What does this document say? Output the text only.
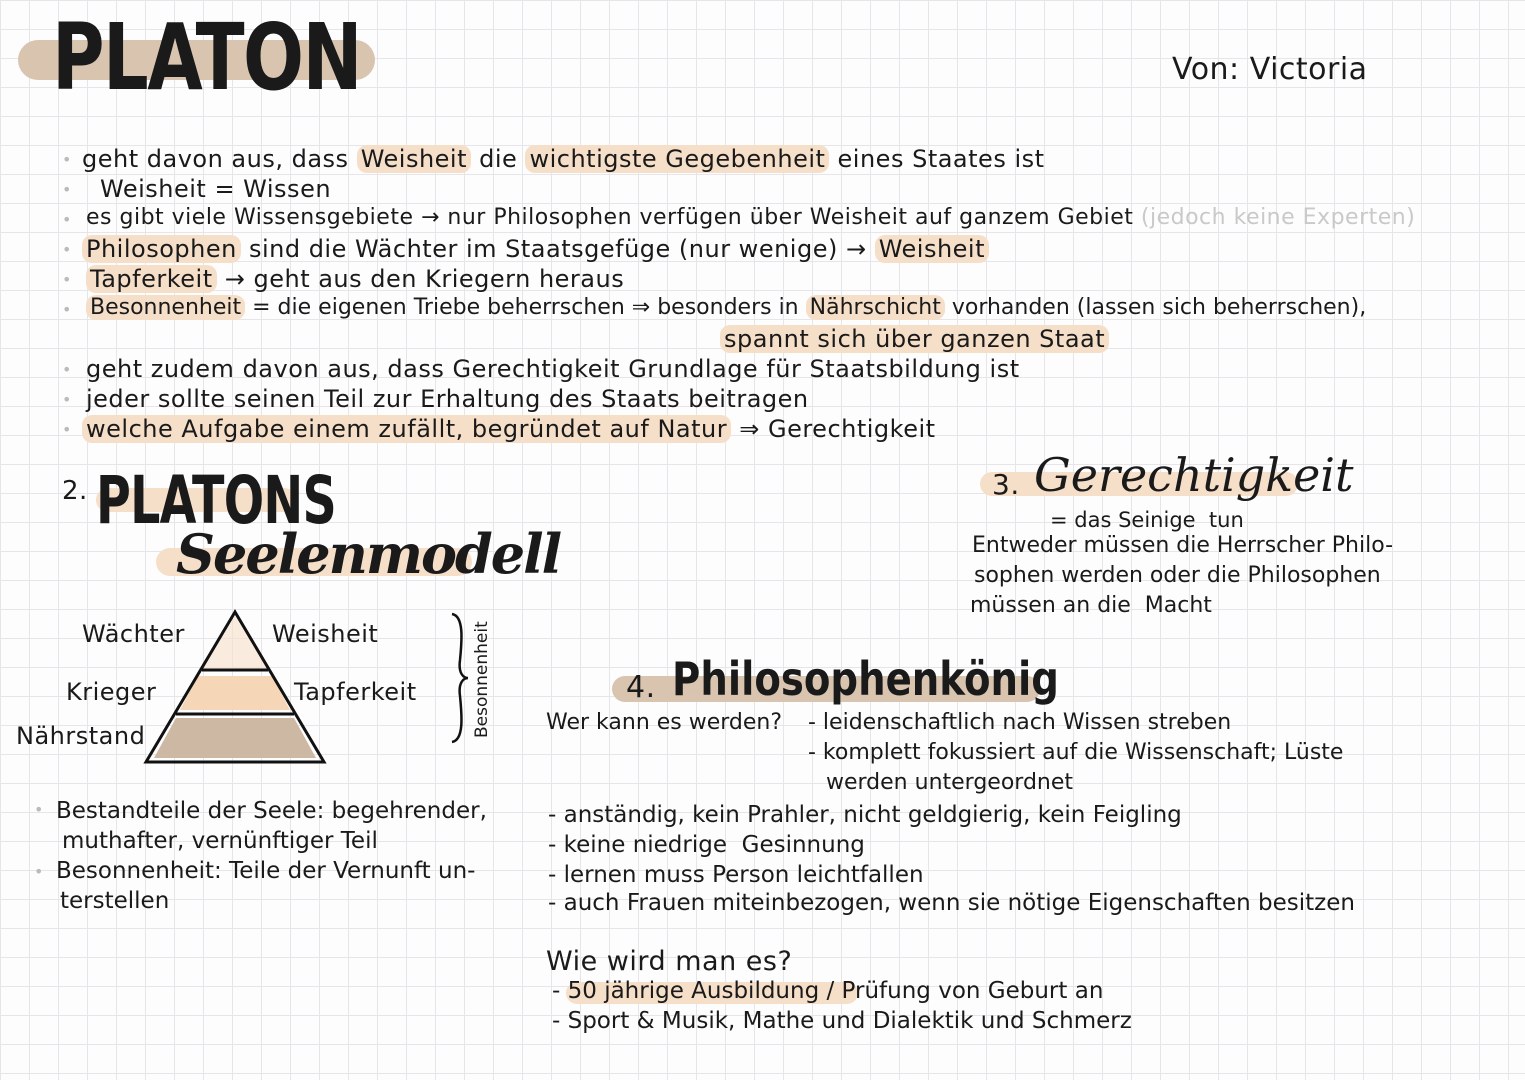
PLATON	Von: Victoria
• geht davon aus, dass Weisheit die wichtigste Gegebenheit eines Staates ist
• Weisheit = Wissen
• es gibt viele Wissensgebiete → nur Philosophen verfügen über Weisheit auf ganzem Gebiet (jedoch keine Experten)
• Philosophen sind die Wächter im Staatsgefüge (nur wenige) → Weisheit
• Tapferkeit → geht aus den Kriegern heraus
• Besonnenheit = die eigenen Triebe beherrschen ⇒ besonders in Nährschicht vorhanden (lassen sich beherrschen),
spannt sich über ganzen Staat
• geht zudem davon aus, dass Gerechtigkeit Grundlage für Staatsbildung ist
• jeder sollte seinen Teil zur Erhaltung des Staats beitragen
• welche Aufgabe einem zufällt, begründet auf Natur ⇒ Gerechtigkeit
2. PLATONS
Seelenmodell
Wächter
Krieger
Nährstand
Weisheit
Tapferkeit	Besonnenheit
• Bestandteile der Seele: begehrender,
muthafter, vernünftiger Teil
• Besonnenheit: Teile der Vernunft un-
terstellen
3. Gerechtigkeit
= das Seinige  tun
Entweder müssen die Herrscher Philo-
sophen werden oder die Philosophen
müssen an die  Macht
4. Philosophenkönig
Wer kann es werden? - leidenschaftlich nach Wissen streben
- komplett fokussiert auf die Wissenschaft; Lüste
werden untergeordnet
- anständig, kein Prahler, nicht geldgierig, kein Feigling
- keine niedrige  Gesinnung
- lernen muss Person leichtfallen
- auch Frauen miteinbezogen, wenn sie nötige Eigenschaften besitzen
Wie wird man es?
- 50 jährige Ausbildung / Prüfung von Geburt an
- Sport & Musik, Mathe und Dialektik und Schmerz
